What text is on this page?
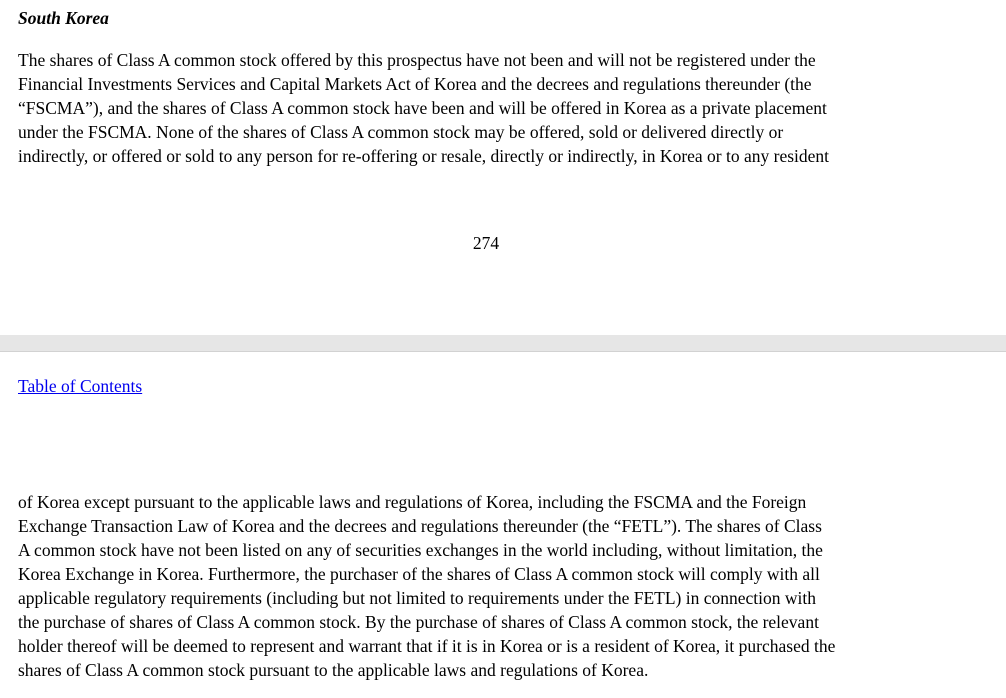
South Korea
The shares of Class A common stock offered by this prospectus have not been and will not be registered under the
Financial Investments Services and Capital Markets Act of Korea and the decrees and regulations thereunder (the
“FSCMA”), and the shares of Class A common stock have been and will be offered in Korea as a private placement
under the FSCMA. None of the shares of Class A common stock may be offered, sold or delivered directly or
indirectly, or offered or sold to any person for re-offering or resale, directly or indirectly, in Korea or to any resident
274
Table of Contents
of Korea except pursuant to the applicable laws and regulations of Korea, including the FSCMA and the Foreign
Exchange Transaction Law of Korea and the decrees and regulations thereunder (the “FETL”). The shares of Class
A common stock have not been listed on any of securities exchanges in the world including, without limitation, the
Korea Exchange in Korea. Furthermore, the purchaser of the shares of Class A common stock will comply with all
applicable regulatory requirements (including but not limited to requirements under the FETL) in connection with
the purchase of shares of Class A common stock. By the purchase of shares of Class A common stock, the relevant
holder thereof will be deemed to represent and warrant that if it is in Korea or is a resident of Korea, it purchased the
shares of Class A common stock pursuant to the applicable laws and regulations of Korea.
